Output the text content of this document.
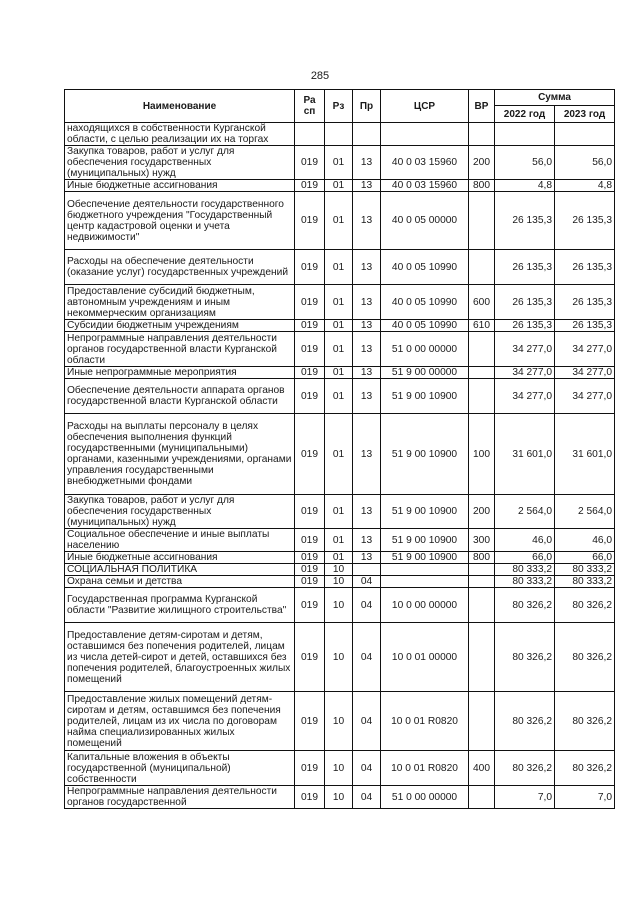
285
Наименование	Ра сп	Рз	Пр	ЦСР	ВР	Сумма	
						2022 год	2023 год
находящихся в собственности Курганской области, с целью реализации их на торгах							
Закупка товаров, работ и услуг для обеспечения государственных (муниципальных) нужд	019	01	13	40 0 03 15960	200	56,0	56,0
Иные бюджетные ассигнования	019	01	13	40 0 03 15960	800	4,8	4,8
Обеспечение деятельности государственного бюджетного учреждения "Государственный центр кадастровой оценки и учета недвижимости"	019	01	13	40 0 05 00000		26 135,3	26 135,3
Расходы на обеспечение деятельности (оказание услуг) государственных учреждений	019	01	13	40 0 05 10990		26 135,3	26 135,3
Предоставление субсидий бюджетным, автономным учреждениям и иным некоммерческим организациям	019	01	13	40 0 05 10990	600	26 135,3	26 135,3
Субсидии бюджетным учреждениям	019	01	13	40 0 05 10990	610	26 135,3	26 135,3
Непрограммные направления деятельности органов государственной власти Курганской области	019	01	13	51 0 00 00000		34 277,0	34 277,0
Иные непрограммные мероприятия	019	01	13	51 9 00 00000		34 277,0	34 277,0
Обеспечение деятельности аппарата органов государственной власти Курганской области	019	01	13	51 9 00 10900		34 277,0	34 277,0
Расходы на выплаты персоналу в целях обеспечения выполнения функций государственными (муниципальными) органами, казенными учреждениями, органами управления государственными внебюджетными фондами	019	01	13	51 9 00 10900	100	31 601,0	31 601,0
Закупка товаров, работ и услуг для обеспечения государственных (муниципальных) нужд	019	01	13	51 9 00 10900	200	2 564,0	2 564,0
Социальное обеспечение и иные выплаты населению	019	01	13	51 9 00 10900	300	46,0	46,0
Иные бюджетные ассигнования	019	01	13	51 9 00 10900	800	66,0	66,0
СОЦИАЛЬНАЯ ПОЛИТИКА	019	10				80 333,2	80 333,2
Охрана семьи и детства	019	10	04			80 333,2	80 333,2
Государственная программа Курганской области "Развитие жилищного строительства"	019	10	04	10 0 00 00000		80 326,2	80 326,2
Предоставление детям-сиротам и детям, оставшимся без попечения родителей, лицам из числа детей-сирот и детей, оставшихся без попечения родителей, благоустроенных жилых помещений	019	10	04	10 0 01 00000		80 326,2	80 326,2
Предоставление жилых помещений детям-сиротам и детям, оставшимся без попечения родителей, лицам из их числа по договорам найма специализированных жилых помещений	019	10	04	10 0 01 R0820		80 326,2	80 326,2
Капитальные вложения в объекты государственной (муниципальной) собственности	019	10	04	10 0 01 R0820	400	80 326,2	80 326,2
Непрограммные направления деятельности органов государственной	019	10	04	51 0 00 00000		7,0	7,0
